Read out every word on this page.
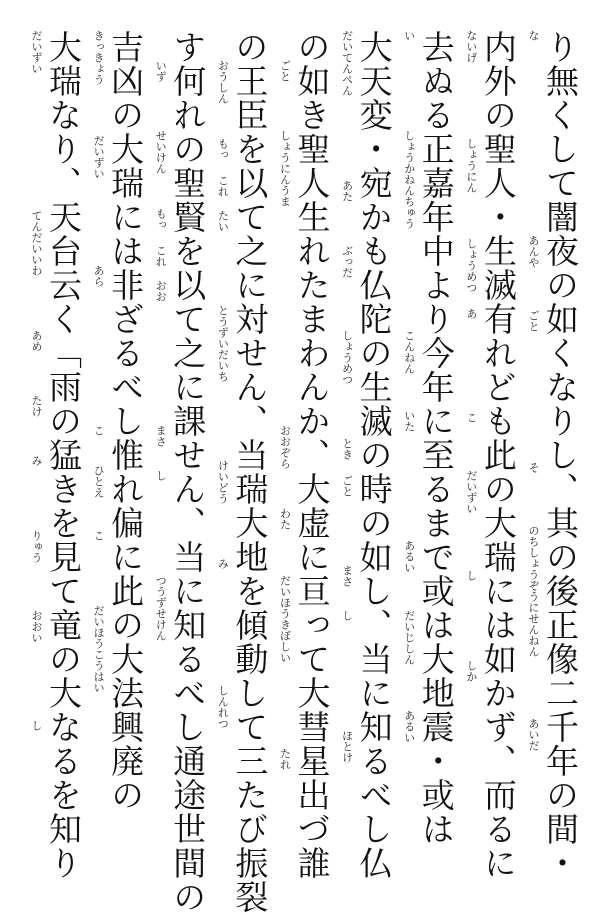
な
あんや
ごと
そ
のちしょうぞうにせんねん
あいだ り無くして闇夜の如くなりし、其の後正像二千年の間・
ないげ
しょうにん
しょうめつ
あ
こ
だいずい
し
しか 内外の聖人・生滅有れども此の大瑞には如かず、而るに
い
しょうかねんちゅう
こんねん
いた
あるい
だいじしん
あるい 去ぬる正嘉年中より今年に至るまで或は大地震・或は
だいてんぺん
あた
ぶっだ
しょうめつ
とき
ごと
まさ
し
ほとけ 大天変・宛かも仏陀の生滅の時の如し、当に知るべし仏
ごと
しょうにんうま
おおぞら
わた
だいほうきぼしい
たれ の如き聖人生れたまわんか、大虚に亘って大彗星出づ誰
おうしん
もっ
これ
たい
とうずいだいち
けいどう
み
しんれつ の王臣を以て之に対せん、当瑞大地を傾動して三たび振裂
いず
せいけん
もっ
これ
おお
まさ
し
つうずせけん す何れの聖賢を以て之に課せん、当に知るべし通途世間の
きっきょう
だいずい
あら
こ
ひとえ
こ
だいほうこうはい 吉凶の大瑞には非ざるべし惟れ偏に此の大法興廃の
だいずい
てんだいいわ
あめ
たけ
み
りゅう
おおい
し 大瑞なり、天台云く「雨の猛きを見て竜の大なるを知り
